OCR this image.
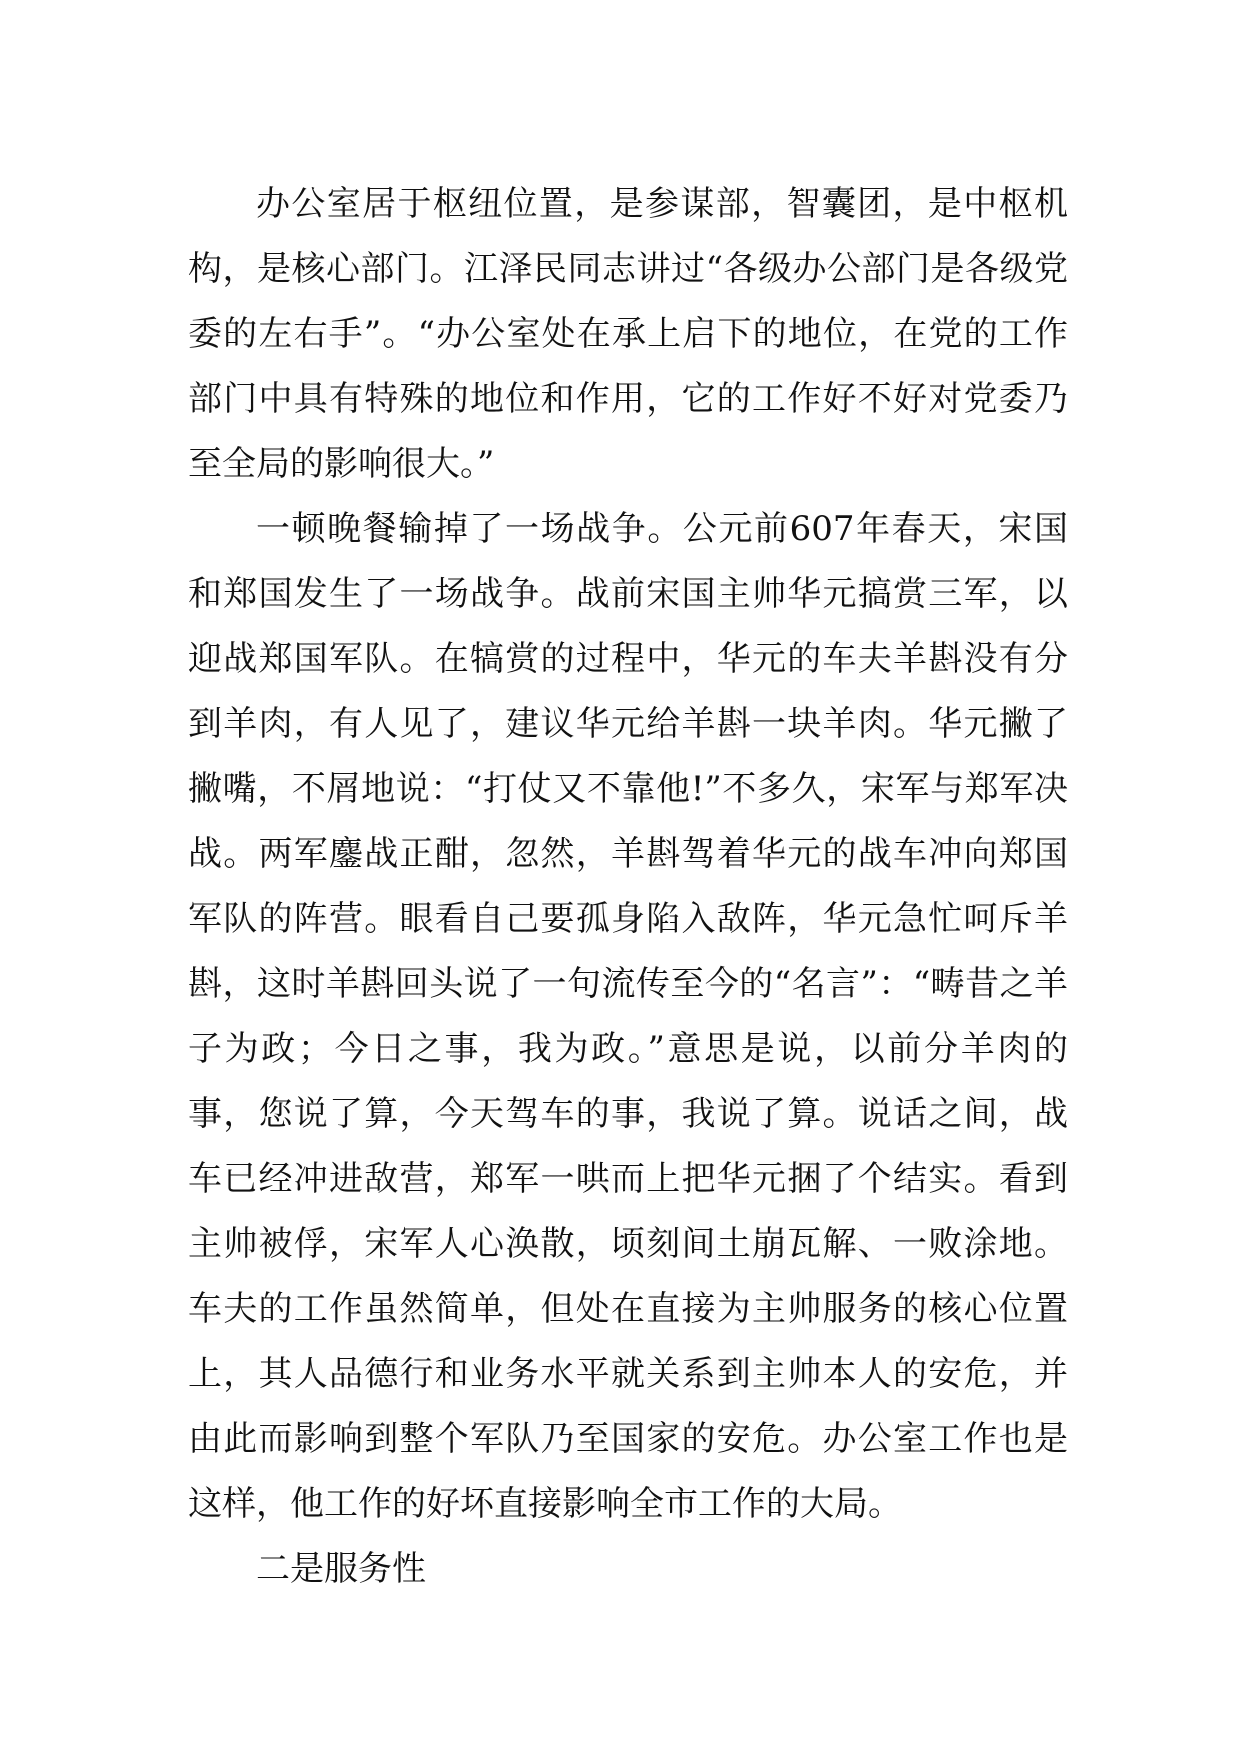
办公室居于枢纽位置，是参谋部，智囊团，是中枢机构，是核心部门。江泽民同志讲过“各级办公部门是各级党委的左右手”。“办公室处在承上启下的地位，在党的工作部门中具有特殊的地位和作用，它的工作好不好对党委乃至全局的影响很大。”

一顿晚餐输掉了一场战争。公元前607年春天，宋国和郑国发生了一场战争。战前宋国主帅华元搞赏三军，以迎战郑国军队。在犒赏的过程中，华元的车夫羊斟没有分到羊肉，有人见了，建议华元给羊斟一块羊肉。华元撇了撇嘴，不屑地说：“打仗又不靠他!”不多久，宋军与郑军决战。两军鏖战正酣，忽然，羊斟驾着华元的战车冲向郑国军队的阵营。眼看自己要孤身陷入敌阵，华元急忙呵斥羊斟，这时羊斟回头说了一句流传至今的“名言”：“畴昔之羊子为政；今日之事，我为政。”意思是说，以前分羊肉的事，您说了算，今天驾车的事，我说了算。说话之间，战车已经冲进敌营，郑军一哄而上把华元捆了个结实。看到主帅被俘，宋军人心涣散，顷刻间土崩瓦解、一败涂地。车夫的工作虽然简单，但处在直接为主帅服务的核心位置上，其人品德行和业务水平就关系到主帅本人的安危，并由此而影响到整个军队乃至国家的安危。办公室工作也是这样，他工作的好坏直接影响全市工作的大局。

二是服务性
